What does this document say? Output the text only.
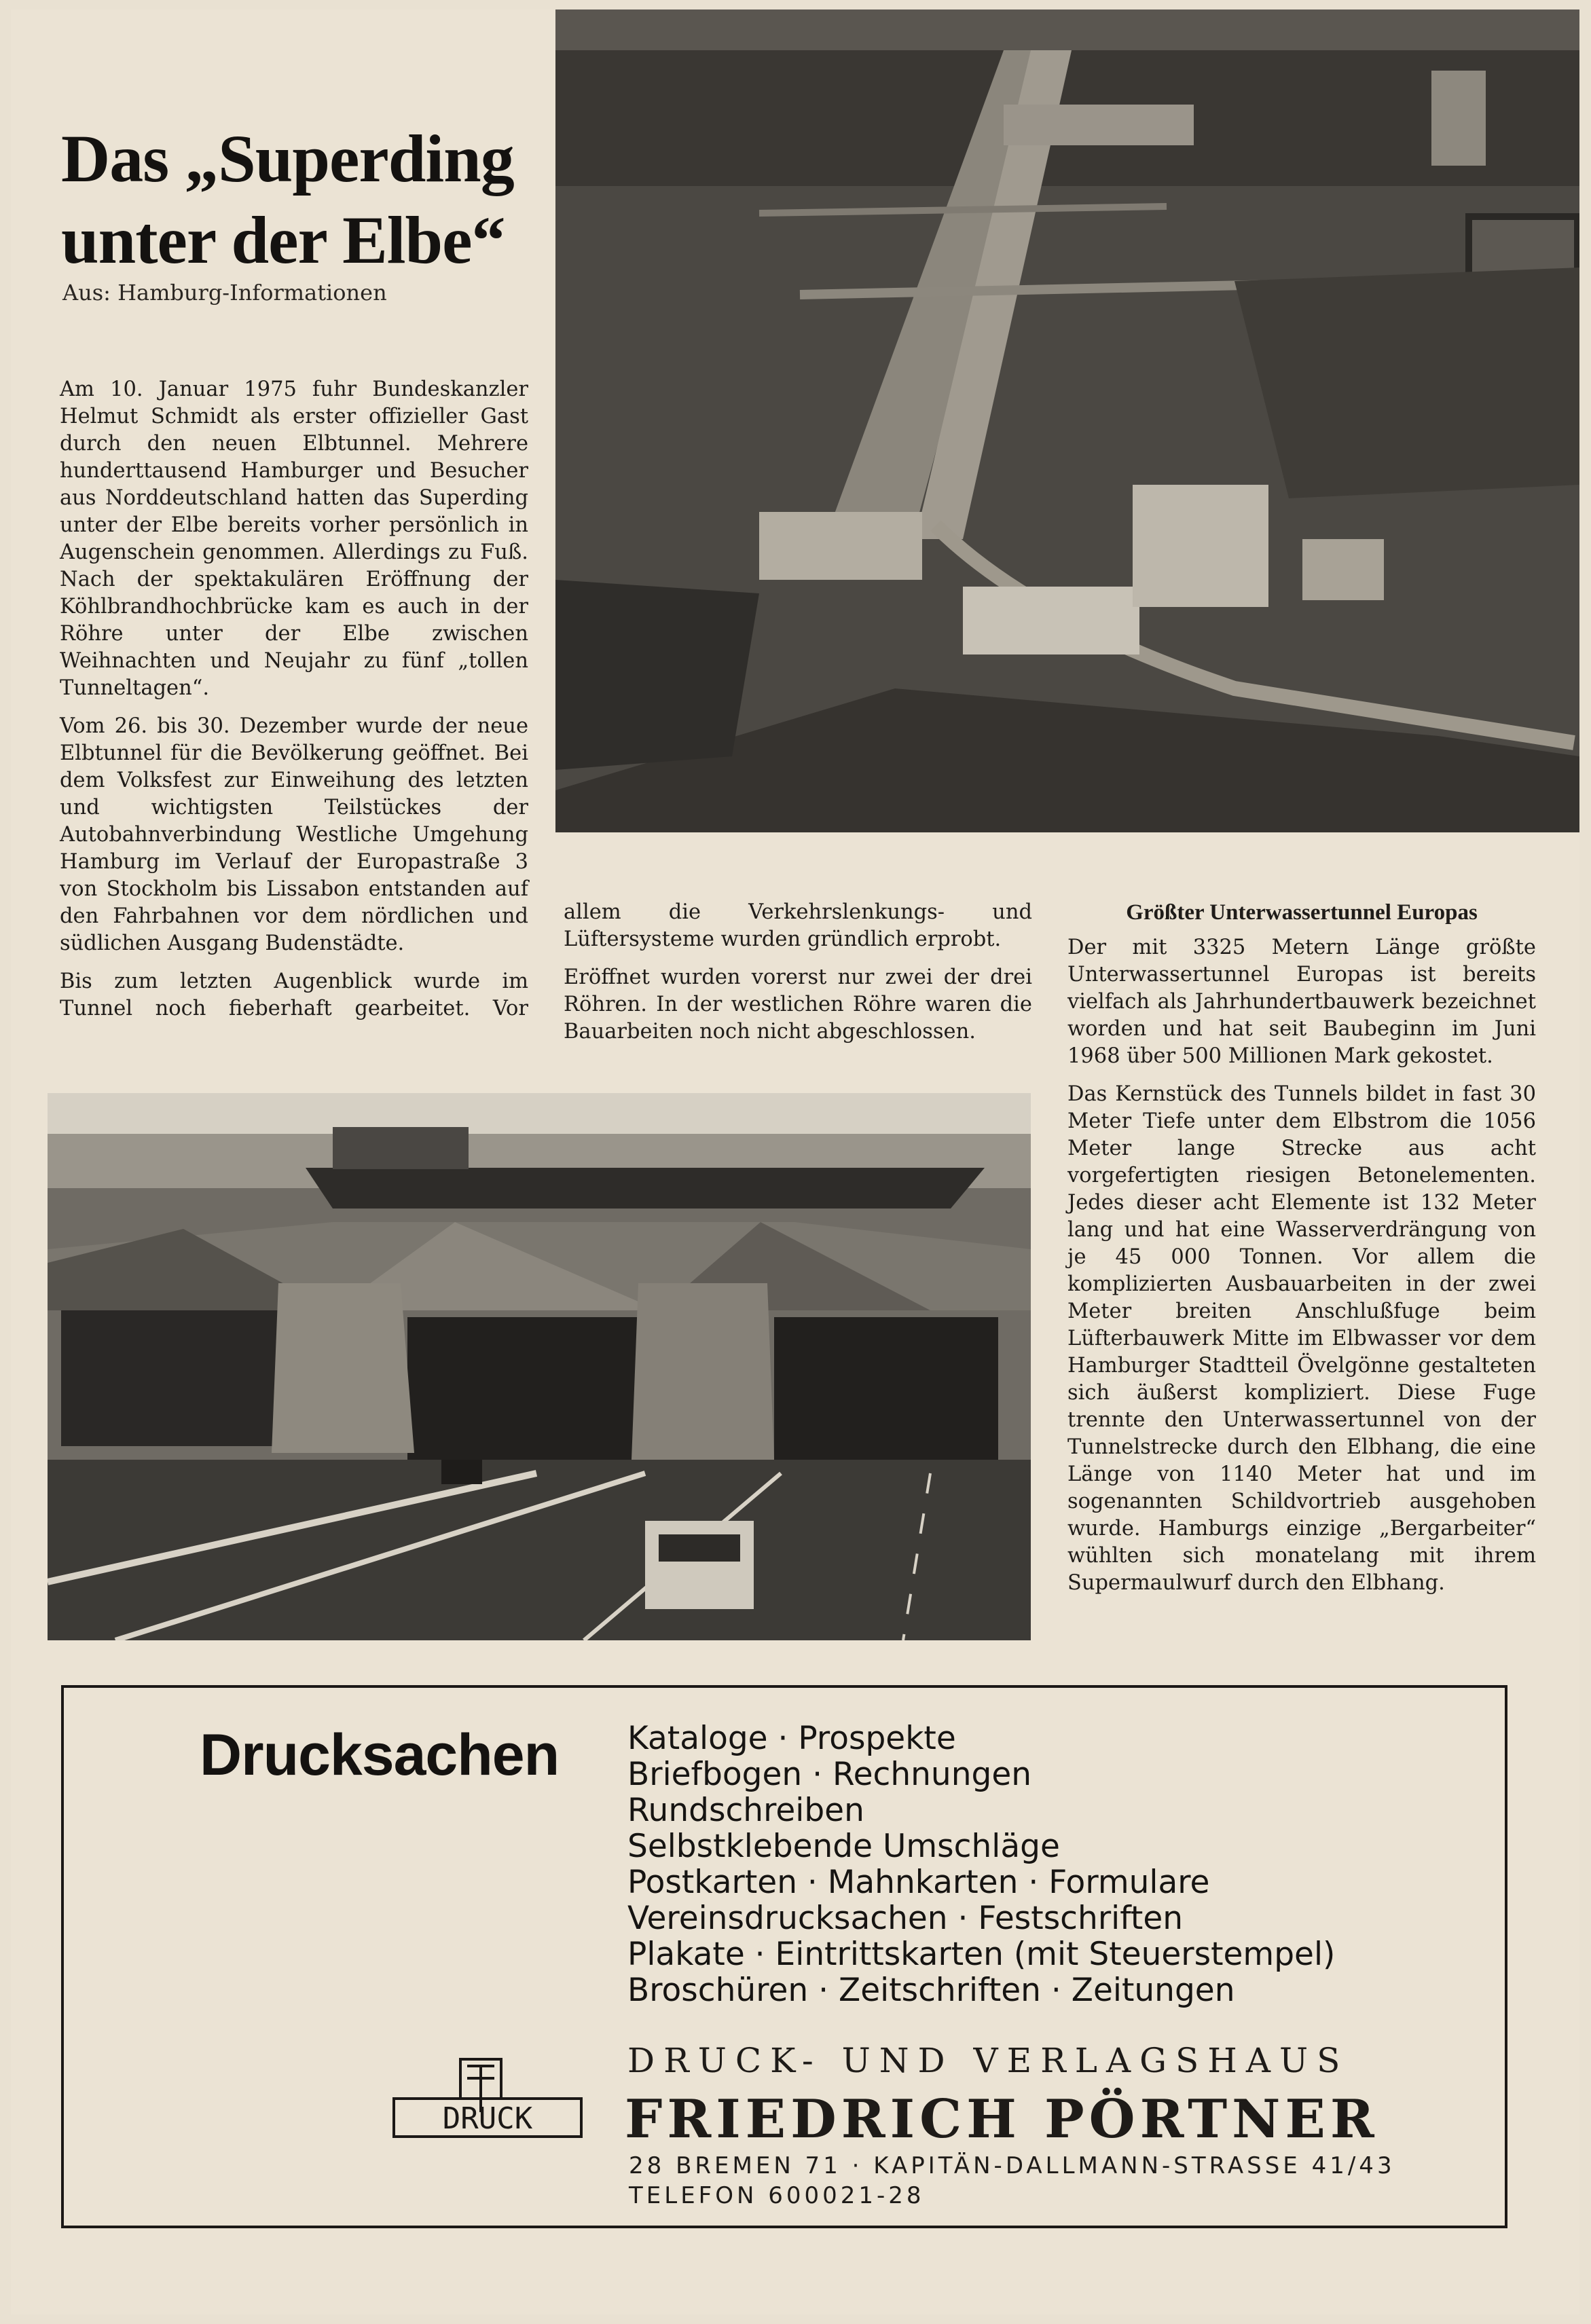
Das „Superding
unter der Elbe“
Aus: Hamburg-Informationen

Am 10. Januar 1975 fuhr Bundeskanzler Helmut Schmidt als erster offizieller Gast durch den neuen Elbtunnel. Mehrere hunderttausend Hamburger und Besucher aus Norddeutschland hatten das Superding unter der Elbe bereits vorher persönlich in Augenschein genommen. Allerdings zu Fuß. Nach der spektakulären Eröffnung der Köhlbrandhochbrücke kam es auch in der Röhre unter der Elbe zwischen Weihnachten und Neujahr zu fünf „tollen Tunneltagen“.

Vom 26. bis 30. Dezember wurde der neue Elbtunnel für die Bevölkerung geöffnet. Bei dem Volksfest zur Einweihung des letzten und wichtigsten Teilstückes der Autobahnverbindung Westliche Umgehung Hamburg im Verlauf der Europastraße 3 von Stockholm bis Lissabon entstanden auf den Fahrbahnen vor dem nördlichen und südlichen Ausgang Budenstädte.

Bis zum letzten Augenblick wurde im Tunnel noch fieberhaft gearbeitet. Vor

allem die Verkehrslenkungs- und Lüftersysteme wurden gründlich erprobt.

Eröffnet wurden vorerst nur zwei der drei Röhren. In der westlichen Röhre waren die Bauarbeiten noch nicht abgeschlossen.

Größter Unterwassertunnel Europas

Der mit 3325 Metern Länge größte Unterwassertunnel Europas ist bereits vielfach als Jahrhundertbauwerk bezeichnet worden und hat seit Baubeginn im Juni 1968 über 500 Millionen Mark gekostet.

Das Kernstück des Tunnels bildet in fast 30 Meter Tiefe unter dem Elbstrom die 1056 Meter lange Strecke aus acht vorgefertigten riesigen Betonelementen. Jedes dieser acht Elemente ist 132 Meter lang und hat eine Wasserverdrängung von je 45 000 Tonnen. Vor allem die komplizierten Ausbauarbeiten in der zwei Meter breiten Anschlußfuge beim Lüfterbauwerk Mitte im Elbwasser vor dem Hamburger Stadtteil Övelgönne gestalteten sich äußerst kompliziert. Diese Fuge trennte den Unterwassertunnel von der Tunnelstrecke durch den Elbhang, die eine Länge von 1140 Meter hat und im sogenannten Schildvortrieb ausgehoben wurde. Hamburgs einzige „Bergarbeiter“ wühlten sich monatelang mit ihrem Supermaulwurf durch den Elbhang.

Drucksachen Kataloge · Prospekte
Briefbogen · Rechnungen
Rundschreiben
Selbstklebende Umschläge
Postkarten · Mahnkarten · Formulare
Vereinsdrucksachen · Festschriften
Plakate · Eintrittskarten (mit Steuerstempel)
Broschüren · Zeitschriften · Zeitungen
DRUCK
DRUCK- UND VERLAGSHAUS
FRIEDRICH PÖRTNER
28 BREMEN 71 · KAPITÄN-DALLMANN-STRASSE 41/43
TELEFON 600021-28
